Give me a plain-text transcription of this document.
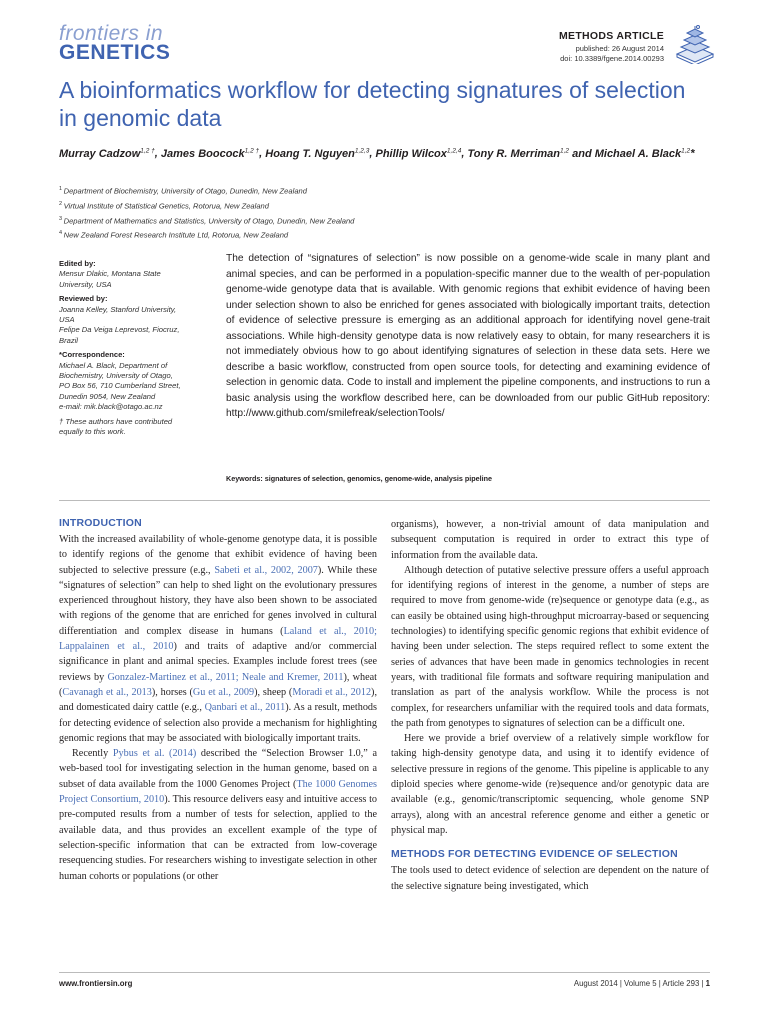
frontiers in
GENETICS
METHODS ARTICLE
published: 26 August 2014
doi: 10.3389/fgene.2014.00293
A bioinformatics workflow for detecting signatures of selection in genomic data
Murray Cadzow$^{1,2 \dagger}$, James Boocock$^{1,2 \dagger}$, Hoang T. Nguyen$^{1,2,3}$, Phillip Wilcox$^{1,2,4}$, Tony R. Merriman$^{1,2}$ and Michael A. Black$^{1,2}$*
$^1$ Department of Biochemistry, University of Otago, Dunedin, New Zealand
$^2$ Virtual Institute of Statistical Genetics, Rotorua, New Zealand
$^3$ Department of Mathematics and Statistics, University of Otago, Dunedin, New Zealand
$^4$ New Zealand Forest Research Institute Ltd, Rotorua, New Zealand
Edited by:
Mensur Dlakic, Montana State
University, USA
Reviewed by:
Joanna Kelley, Stanford University,
USA
Felipe Da Veiga Leprevost, Fiocruz,
Brazil
*Correspondence:
Michael A. Black, Department of
Biochemistry, University of Otago,
PO Box 56, 710 Cumberland Street,
Dunedin 9054, New Zealand
e-mail: mik.black@otago.ac.nz
† These authors have contributed
equally to this work.
The detection of “signatures of selection” is now possible on a genome-wide scale in many plant and animal species, and can be performed in a population-specific manner due to the wealth of per-population genome-wide genotype data that is available. With genomic regions that exhibit evidence of having been under selection shown to also be enriched for genes associated with biologically important traits, detection of evidence of selective pressure is emerging as an additional approach for identifying novel gene-trait associations. While high-density genotype data is now relatively easy to obtain, for many researchers it is not immediately obvious how to go about identifying signatures of selection in these data sets. Here we describe a basic workflow, constructed from open source tools, for detecting and examining evidence of selection in genomic data. Code to install and implement the pipeline components, and instructions to run a basic analysis using the workflow described here, can be downloaded from our public GitHub repository: http://www.github.com/smilefreak/selectionTools/
Keywords: signatures of selection, genomics, genome-wide, analysis pipeline
INTRODUCTION

With the increased availability of whole-genome genotype data, it is possible to identify regions of the genome that exhibit evidence of having been subjected to selective pressure (e.g., Sabeti et al., 2002, 2007). While these “signatures of selection” can help to shed light on the evolutionary pressures experienced throughout history, they have also been shown to be associated with regions of the genome that are enriched for genes involved in cultural differentiation and complex disease in humans (Laland et al., 2010; Lappalainen et al., 2010) and traits of adaptive and/or commercial significance in plant and animal species. Examples include forest trees (see reviews by Gonzalez-Martinez et al., 2011; Neale and Kremer, 2011), wheat (Cavanagh et al., 2013), horses (Gu et al., 2009), sheep (Moradi et al., 2012), and domesticated dairy cattle (e.g., Qanbari et al., 2011). As a result, methods for detecting evidence of selection also provide a mechanism for highlighting genomic regions that may be associated with biologically important traits.

Recently Pybus et al. (2014) described the “Selection Browser 1.0,” a web-based tool for investigating selection in the human genome, based on a subset of data available from the 1000 Genomes Project (The 1000 Genomes Project Consortium, 2010). This resource delivers easy and intuitive access to pre-computed results from a number of tests for selection, applied to the available data, and thus provides an excellent example of the type of selection-specific information that can be extracted from low-coverage resequencing studies. For researchers wishing to investigate selection in other human cohorts or populations (or other

organisms), however, a non-trivial amount of data manipulation and subsequent computation is required in order to extract this type of information from the available data.

Although detection of putative selective pressure offers a useful approach for identifying regions of interest in the genome, a number of steps are required to move from genome-wide (re)sequence or genotype data (e.g., as can easily be obtained using high-throughput microarray-based or sequencing technologies) to identifying specific genomic regions that exhibit evidence of having been under selection. The steps required reflect to some extent the series of advances that have been made in genomics technologies in recent years, with traditional file formats and software requiring manipulation and translation as part of the analysis workflow. While the process is not complex, for researchers unfamiliar with the required tools and data formats, the path from genotypes to signatures of selection can be a difficult one.

Here we provide a brief overview of a relatively simple workflow for taking high-density genotype data, and using it to identify evidence of selective pressure in regions of the genome. This pipeline is applicable to any diploid species where genome-wide (re)sequence and/or genotypic data are available (e.g., genomic/transcriptomic sequencing, whole genome SNP arrays), along with an ancestral reference genome and either a genetic or physical map.

METHODS FOR DETECTING EVIDENCE OF SELECTION

The tools used to detect evidence of selection are dependent on the nature of the selective signature being investigated, which

www.frontiersin.org	August 2014 | Volume 5 | Article 293 | 1
